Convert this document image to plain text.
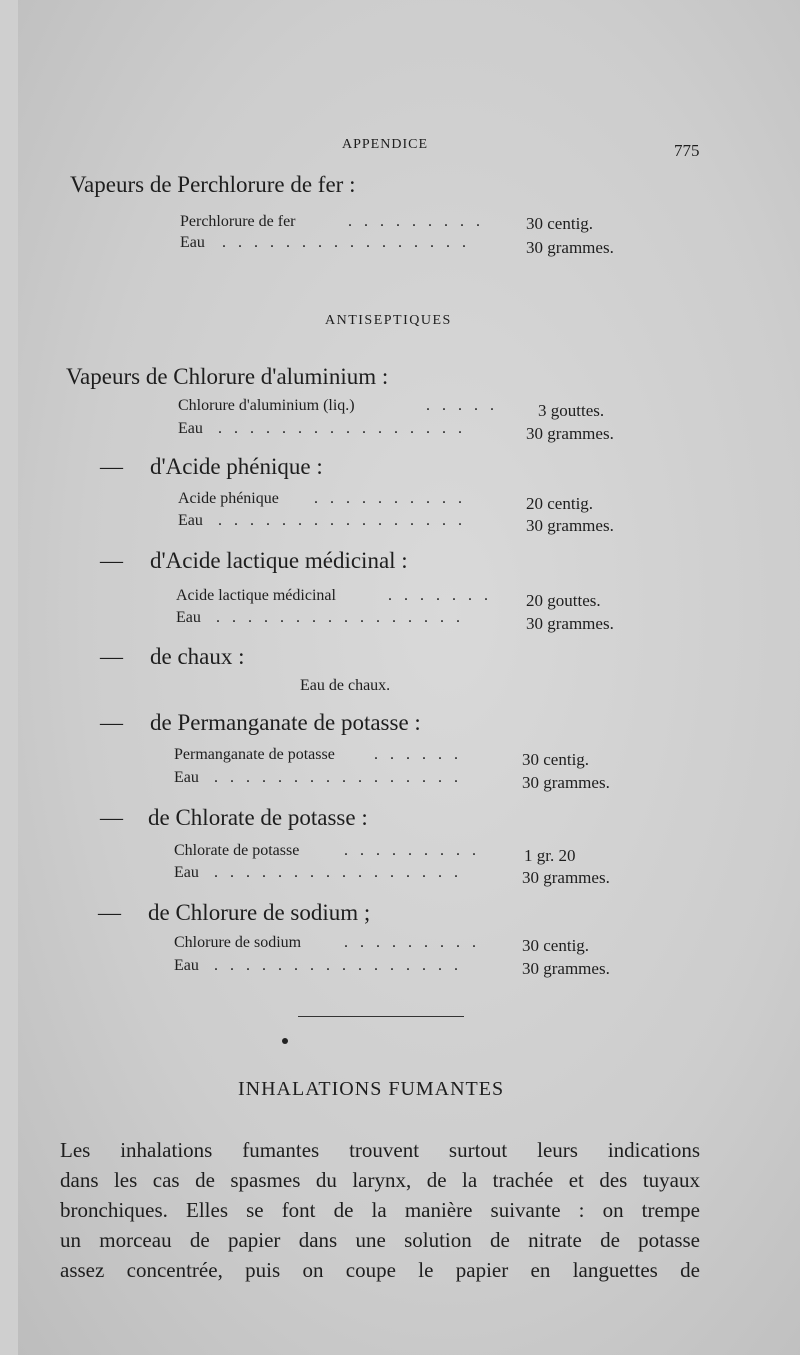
APPENDICE	775
Vapeurs de Perchlorure de fer :
Perchlorure de fer	. . . . . . . . . 30 centig.
Eau . . . . . . . . . . . . . . . .	30 grammes.
ANTISEPTIQUES
Vapeurs de Chlorure d'aluminium :
Chlorure d'aluminium (liq.)	. . . . . 3 gouttes.
Eau . . . . . . . . . . . . . . . .	30 grammes.
— d'Acide phénique :
Acide phénique . . . . . . . . . .	20 centig.
Eau . . . . . . . . . . . . . . . .	30 grammes.
— d'Acide lactique médicinal :
Acide lactique médicinal	. . . . . . . 20 gouttes.
Eau . . . . . . . . . . . . . . . .	30 grammes.
— de chaux :
Eau de chaux.
— de Permanganate de potasse :
Permanganate de potasse . . . . . .	30 centig.
Eau . . . . . . . . . . . . . . . .	30 grammes.
— de Chlorate de potasse :
Chlorate de potasse	. . . . . . . . .	1 gr. 20
Eau . . . . . . . . . . . . . . . .	30 grammes.
— de Chlorure de sodium ;
Chlorure de sodium	. . . . . . . . . 30 centig.
Eau . . . . . . . . . . . . . . . .	30 grammes.
INHALATIONS FUMANTES
Les inhalations fumantes trouvent surtout leurs indications
dans les cas de spasmes du larynx, de la trachée et des tuyaux
bronchiques. Elles se font de la manière suivante : on trempe
un morceau de papier dans une solution de nitrate de potasse
assez concentrée, puis on coupe le papier en languettes de
